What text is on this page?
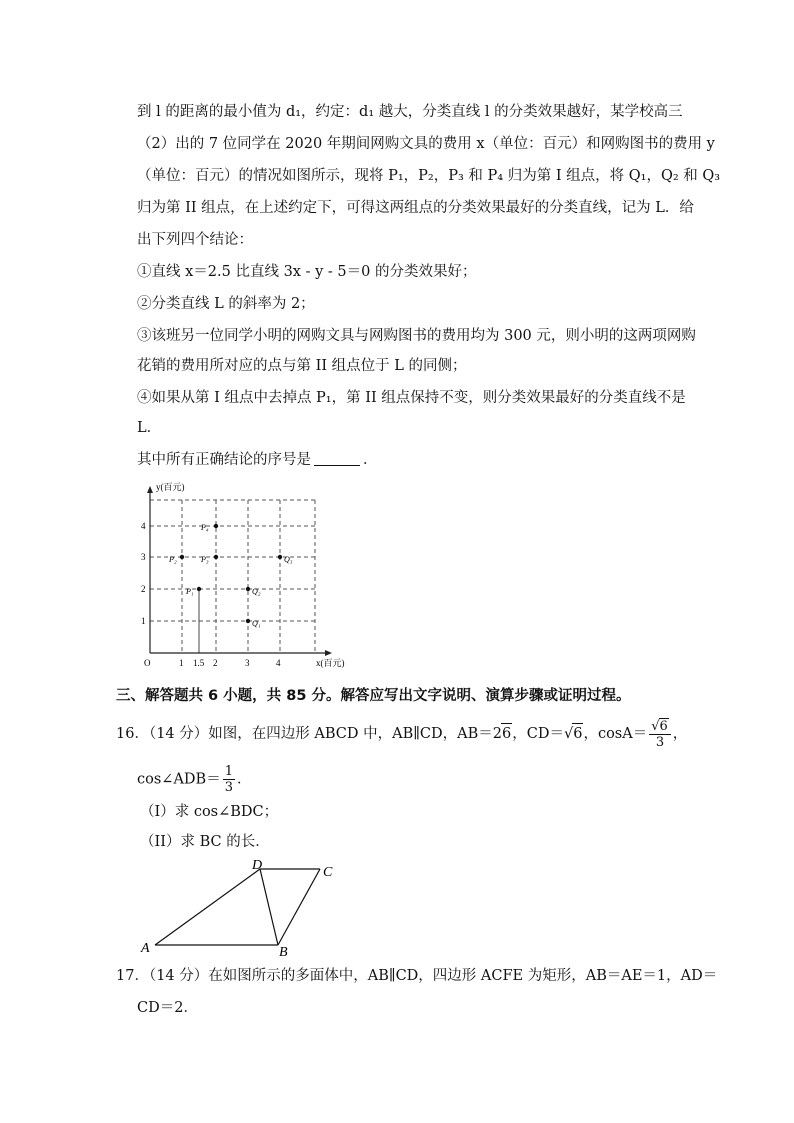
到 l 的距离的最小值为 d₁，约定：d₁ 越大，分类直线 l 的分类效果越好，某学校高三
（2）出的 7 位同学在 2020 年期间网购文具的费用 x（单位：百元）和网购图书的费用 y
（单位：百元）的情况如图所示，现将 P₁，P₂，P₃ 和 P₄ 归为第 I 组点，将 Q₁，Q₂ 和 Q₃
归为第 II 组点，在上述约定下，可得这两组点的分类效果最好的分类直线，记为 L．给
出下列四个结论：
①直线 x＝2.5 比直线 3x - y - 5＝0 的分类效果好；
②分类直线 L 的斜率为 2；
③该班另一位同学小明的网购文具与网购图书的费用均为 300 元，则小明的这两项网购
花销的费用所对应的点与第 II 组点位于 L 的同侧；
④如果从第 I 组点中去掉点 P₁，第 II 组点保持不变，则分类效果最好的分类直线不是
L．
其中所有正确结论的序号是	．
y(百元)
x(百元)
O	1 1.5 2	3	4
1
2
3
4
P₁
P₂	P₃
P₄
Q₁
Q₂
Q₃
三、解答题共 6 小题，共 85 分。解答应写出文字说明、演算步骤或证明过程。
16．（14 分）如图，在四边形 ABCD 中，AB∥CD，AB＝26，CD＝√6，$\cos A= \frac{√6}{3}$ ，
cos∠ADB＝ $\frac{1}{3}$ ．
（I）求 cos∠BDC；
（II）求 BC 的长．
A	B
C
D
17．（14 分）在如图所示的多面体中，AB∥CD，四边形 ACFE 为矩形，AB＝AE＝1，AD＝
CD＝2．
